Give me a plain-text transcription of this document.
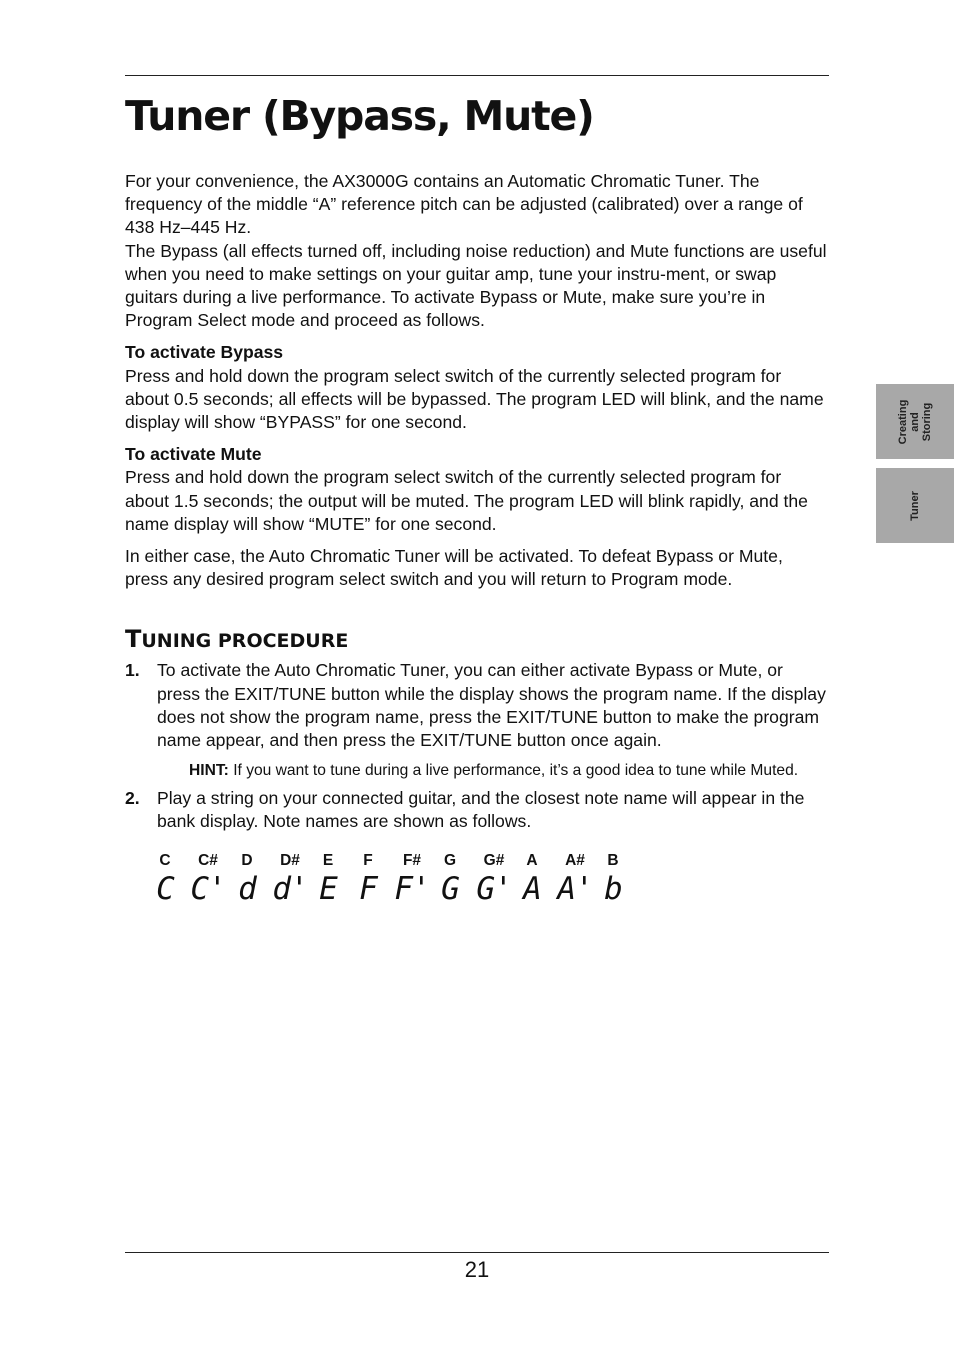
Tuner (Bypass, Mute)

For your convenience, the AX3000G contains an Automatic Chromatic Tuner. The frequency of the middle “A” reference pitch can be adjusted (calibrated) over a range of 438 Hz–445 Hz.

The Bypass (all effects turned off, including noise reduction) and Mute functions are useful when you need to make settings on your guitar amp, tune your instru-ment, or swap guitars during a live performance. To activate Bypass or Mute, make sure you’re in Program Select mode and proceed as follows.

To activate Bypass

Press and hold down the program select switch of the currently selected program for about 0.5 seconds; all effects will be bypassed. The program LED will blink, and the name display will show “BYPASS” for one second.

To activate Mute

Press and hold down the program select switch of the currently selected program for about 1.5 seconds; the output will be muted. The program LED will blink rapidly, and the name display will show “MUTE” for one second.

In either case, the Auto Chromatic Tuner will be activated. To defeat Bypass or Mute, press any desired program select switch and you will return to Program mode.

TUNING PROCEDURE
1. To activate the Auto Chromatic Tuner, you can either activate Bypass or Mute, or press the EXIT/TUNE button while the display shows the program name. If the display does not show the program name, press the EXIT/TUNE button to make the program name appear, and then press the EXIT/TUNE button once again.

HINT: If you want to tune during a live performance, it’s a good idea to tune while Muted.

2. Play a string on your connected guitar, and the closest note name will appear in the bank display. Note names are shown as follows.
C
C
C#
C'
D
d
D#
d'
E
E
F
F
F#
F'
G
G
G#
G'
A
A
A#
A'
B
b
Creating and Storing
Tuner
21
